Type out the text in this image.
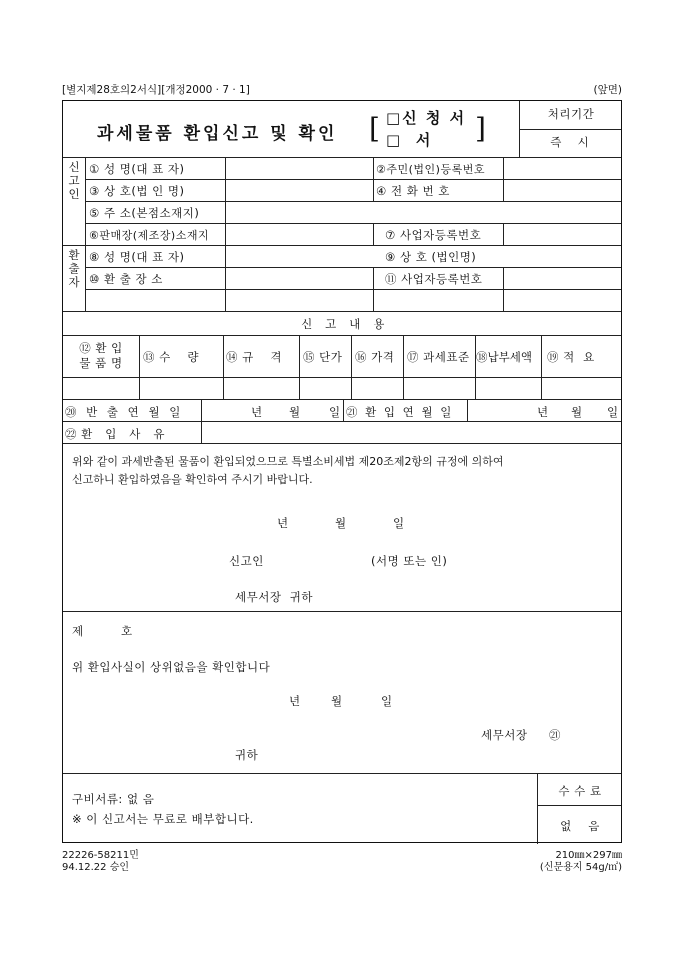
[별지제28호의2서식][개정2000 · 7 · 1]	(앞면)
과세물품 환입신고 및 확인 [	]
□신 청 서
□   서
처리기간
즉  시
신고인
환출자
① 성 명(대 표 자)	②주민(법인)등록번호
③ 상 호(법 인 명)	④ 전 화 번 호
⑤ 주 소(본점소재지)
⑥판매장(제조장)소재지	⑦ 사업자등록번호
⑧ 성 명(대 표 자)	⑨ 상 호 (법인명)
⑩ 환 출 장 소	⑪ 사업자등록번호
신   고   내   용
⑫ 환 입
물 품 명	⑬ 수    량 ⑭ 규    격 ⑮ 단가 ⑯ 가격 ⑰ 과세표준 ⑱납부세액 ⑲ 적  요
⑳ 반 출 연 월 일	년 월 일 ㉑ 환 입 연 월 일	년 월 일
㉒ 환   입   사   유
위와 같이 과세반출된 물품이 환입되었으므로 특별소비세법 제20조제2항의 규정에 의하여
신고하니 환입하였음을 확인하여 주시기 바랍니다.
년	월	일
신고인	(서명 또는 인)
세무서장  귀하
제         호
위 환입사실이 상위없음을 확인합니다
년	월	일
세무서장 ㉑
귀하
구비서류: 없 음
※ 이 신고서는 무료로 배부합니다.
수 수 료
없    음
22226-58211민
94.12.22 승인
210㎜×297㎜
(신문용지 54g/㎡)
